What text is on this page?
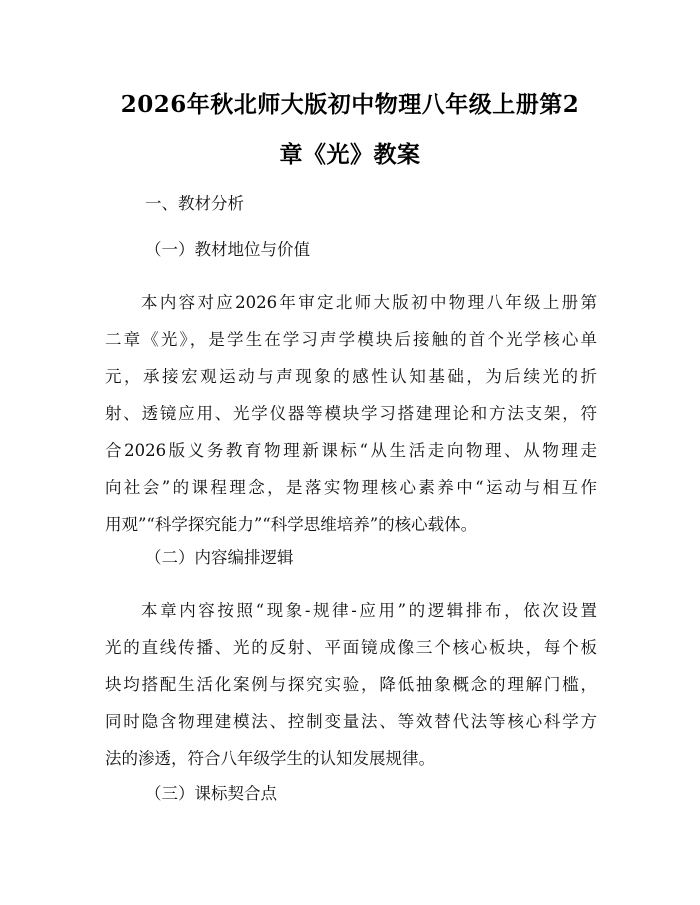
2026年秋北师大版初中物理八年级上册第2
章《光》教案
一、教材分析
（一）教材地位与价值
本内容对应2026年审定北师大版初中物理八年级上册第
二章《光》，是学生在学习声学模块后接触的首个光学核心单
元，承接宏观运动与声现象的感性认知基础，为后续光的折
射、透镜应用、光学仪器等模块学习搭建理论和方法支架，符
合2026版义务教育物理新课标“从生活走向物理、从物理走
向社会”的课程理念，是落实物理核心素养中“运动与相互作
用观”“科学探究能力”“科学思维培养”的核心载体。
（二）内容编排逻辑
本章内容按照“现象-规律-应用”的逻辑排布，依次设置
光的直线传播、光的反射、平面镜成像三个核心板块，每个板
块均搭配生活化案例与探究实验，降低抽象概念的理解门槛，
同时隐含物理建模法、控制变量法、等效替代法等核心科学方
法的渗透，符合八年级学生的认知发展规律。
（三）课标契合点
